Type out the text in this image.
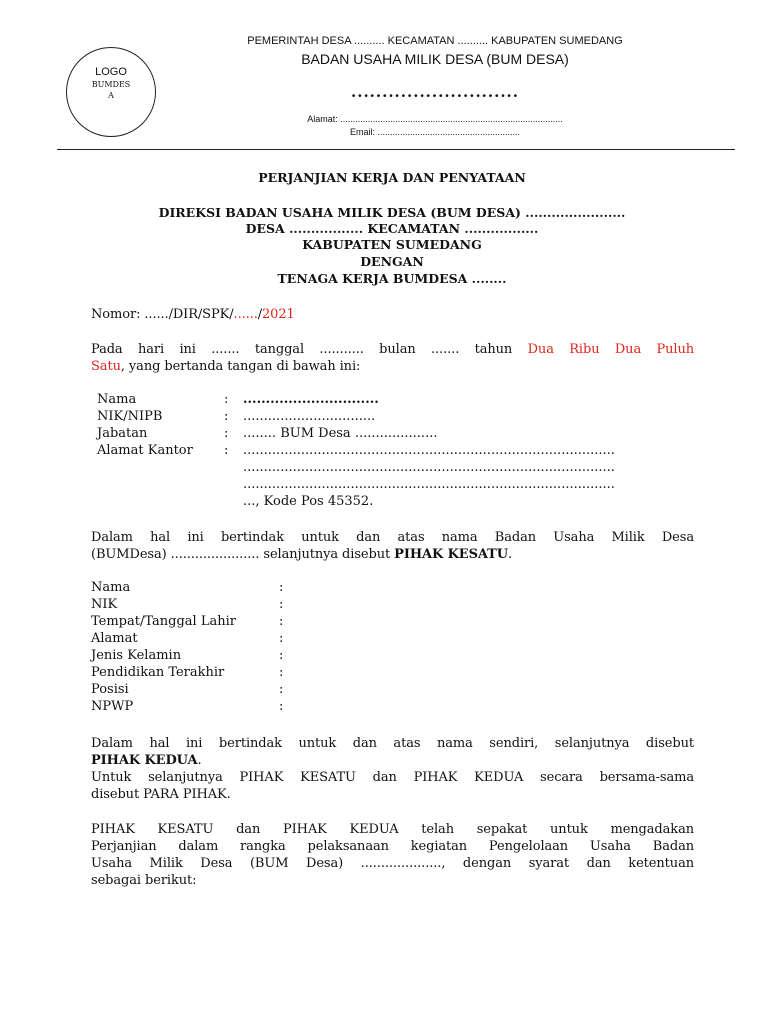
LOGO
BUMDES
A
PEMERINTAH DESA .......... KECAMATAN .......... KABUPATEN SUMEDANG
BADAN USAHA MILIK DESA (BUM DESA)
...........................
Alamat: .........................................................................................
Email: .........................................................
PERJANJIAN KERJA DAN PENYATAAN
DIREKSI BADAN USAHA MILIK DESA (BUM DESA) .......................
DESA ................. KECAMATAN .................
KABUPATEN SUMEDANG
DENGAN
TENAGA KERJA BUMDESA ........
Nomor: ....../DIR/SPK/....../2021
Pada hari ini ....... tanggal ........... bulan ....... tahun Dua Ribu Dua Puluh
Satu, yang bertanda tangan di bawah ini:
Nama	: ..............................
NIK/NIPB	: ................................
Jabatan	: ........ BUM Desa ....................
Alamat Kantor : ..........................................................................................
..........................................................................................
..........................................................................................
..., Kode Pos 45352.
Dalam hal ini bertindak untuk dan atas nama Badan Usaha Milik Desa
(BUMDesa) ...................... selanjutnya disebut PIHAK KESATU.
Nama	:
NIK	:
Tempat/Tanggal Lahir	:
Alamat	:
Jenis Kelamin	:
Pendidikan Terakhir	:
Posisi	:
NPWP	:
Dalam hal ini bertindak untuk dan atas nama sendiri, selanjutnya disebut
PIHAK KEDUA.
Untuk selanjutnya PIHAK KESATU dan PIHAK KEDUA secara bersama-sama
disebut PARA PIHAK.
PIHAK KESATU dan PIHAK KEDUA telah sepakat untuk mengadakan
Perjanjian dalam rangka pelaksanaan kegiatan Pengelolaan Usaha Badan
Usaha Milik Desa (BUM Desa) ...................., dengan syarat dan ketentuan
sebagai berikut:
